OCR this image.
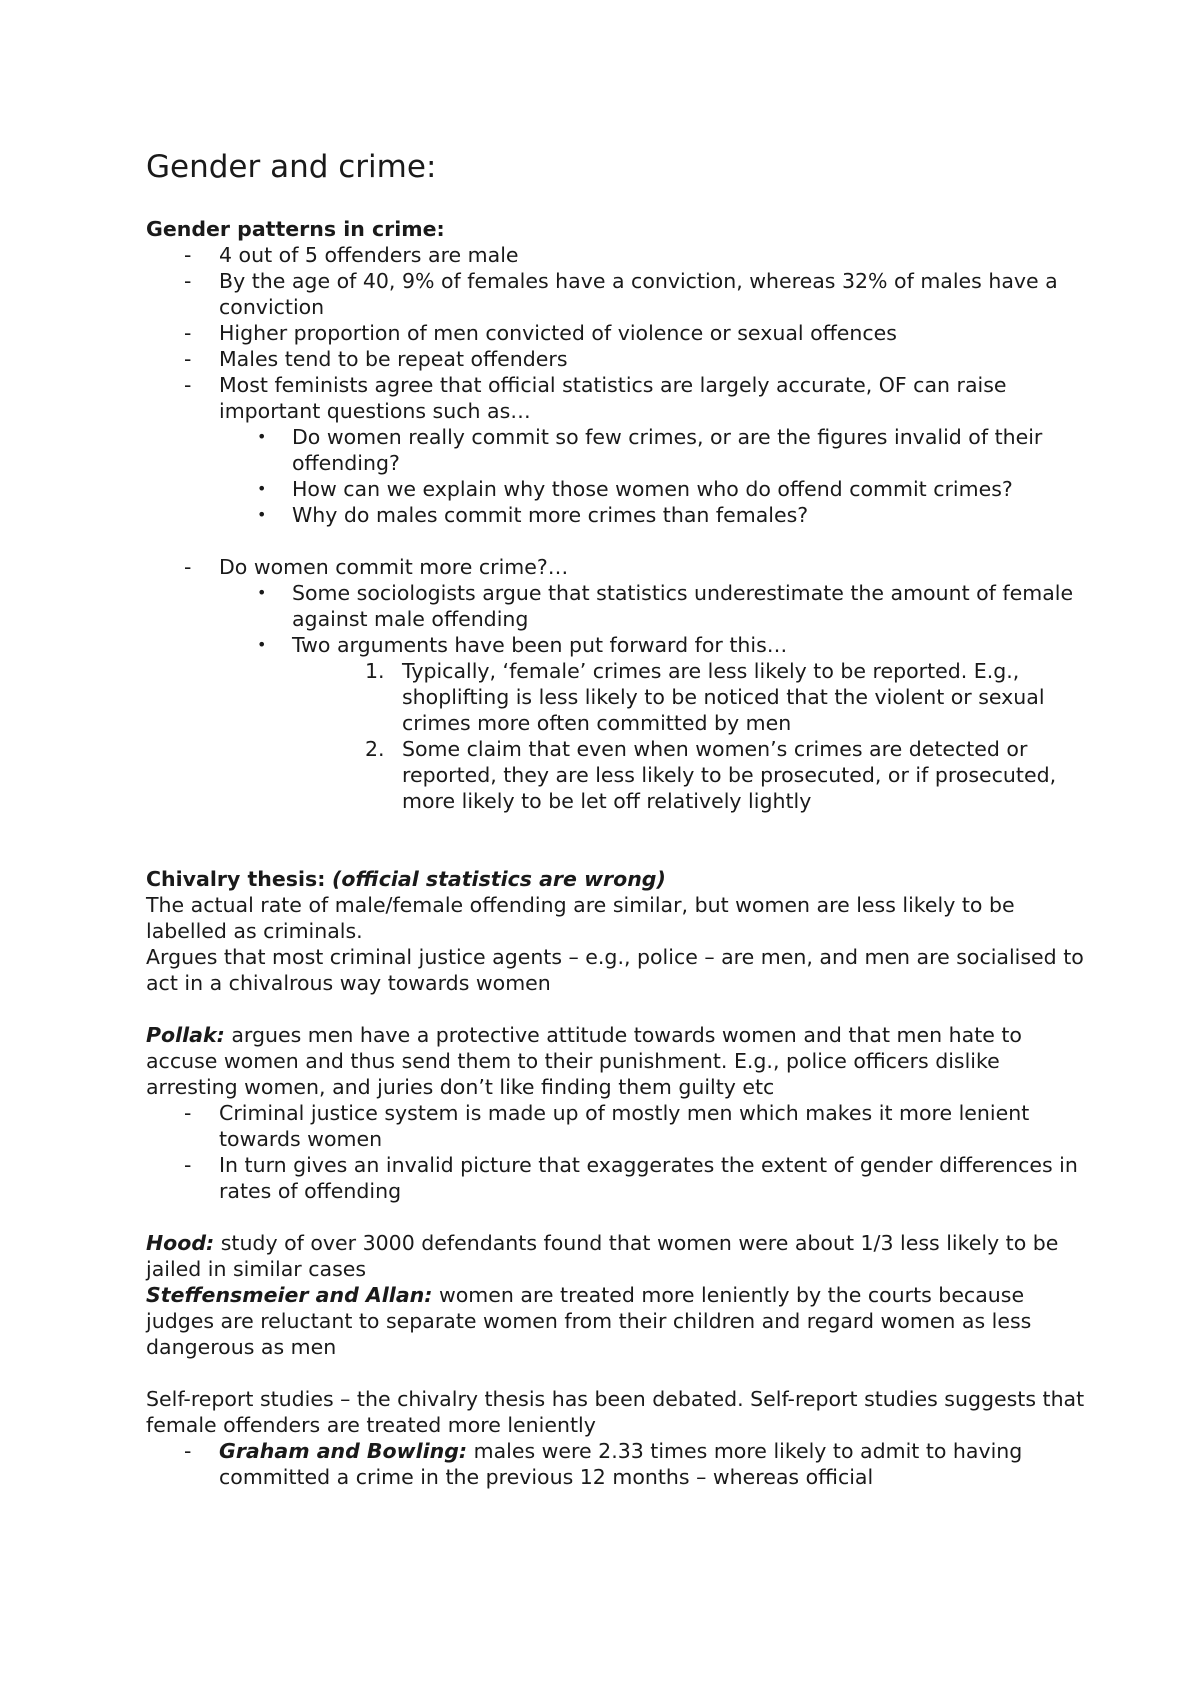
Gender and crime:

Gender patterns in crime:

- 4 out of 5 offenders are male
- By the age of 40, 9% of females have a conviction, whereas 32% of males have a conviction
- Higher proportion of men convicted of violence or sexual offences
- Males tend to be repeat offenders
- Most feminists agree that official statistics are largely accurate, OF can raise important questions such as…
• Do women really commit so few crimes, or are the figures invalid of their offending?
• How can we explain why those women who do offend commit crimes?
• Why do males commit more crimes than females?
- Do women commit more crime?…
• Some sociologists argue that statistics underestimate the amount of female against male offending
• Two arguments have been put forward for this…
1. Typically, ‘female’ crimes are less likely to be reported. E.g., shoplifting is less likely to be noticed that the violent or sexual crimes more often committed by men
2. Some claim that even when women’s crimes are detected or reported, they are less likely to be prosecuted, or if prosecuted, more likely to be let off relatively lightly

Chivalry thesis: (official statistics are wrong)

The actual rate of male/female offending are similar, but women are less likely to be labelled as criminals.

Argues that most criminal justice agents – e.g., police – are men, and men are socialised to act in a chivalrous way towards women

Pollak: argues men have a protective attitude towards women and that men hate to accuse women and thus send them to their punishment. E.g., police officers dislike arresting women, and juries don’t like finding them guilty etc

- Criminal justice system is made up of mostly men which makes it more lenient towards women
- In turn gives an invalid picture that exaggerates the extent of gender differences in rates of offending

Hood: study of over 3000 defendants found that women were about 1/3 less likely to be jailed in similar cases

Steffensmeier and Allan: women are treated more leniently by the courts because judges are reluctant to separate women from their children and regard women as less dangerous as men

Self-report studies – the chivalry thesis has been debated. Self-report studies suggests that female offenders are treated more leniently

- Graham and Bowling: males were 2.33 times more likely to admit to having committed a crime in the previous 12 months – whereas official
